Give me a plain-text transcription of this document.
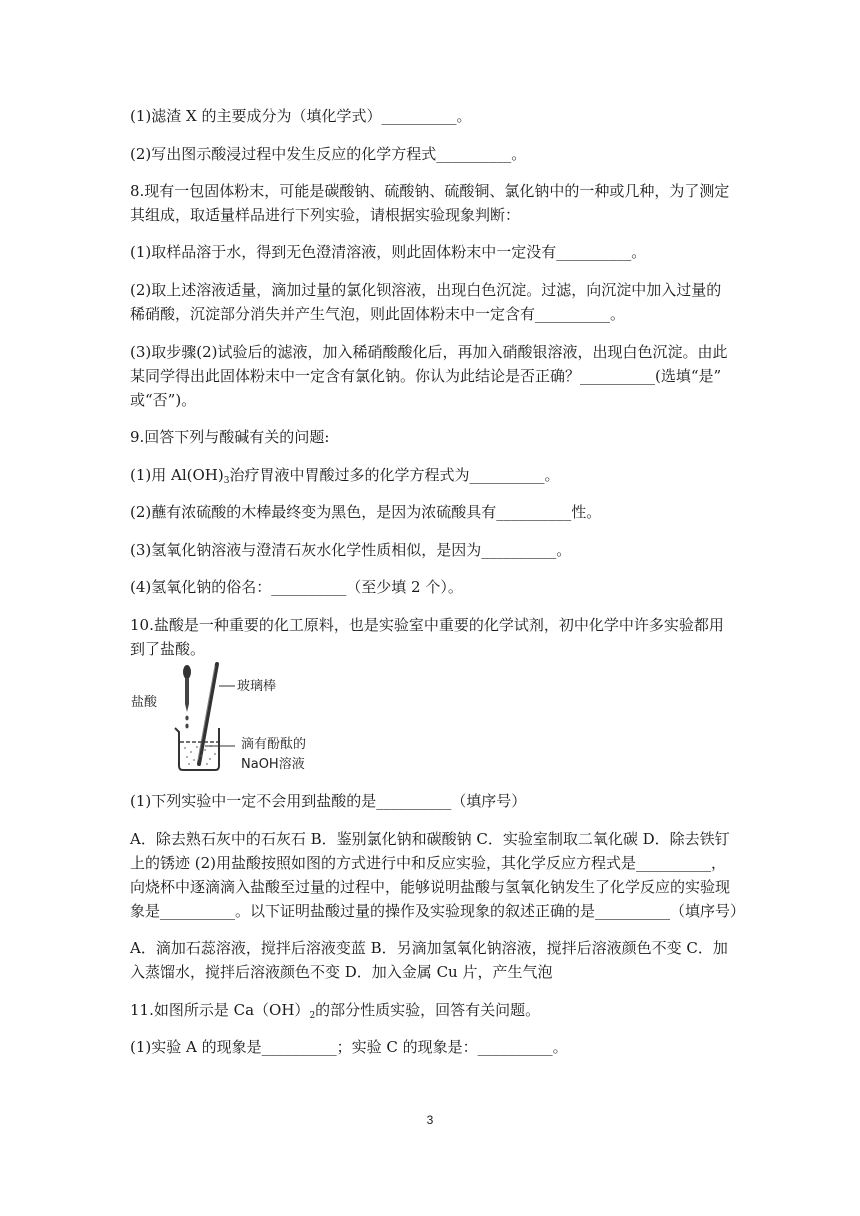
(1)滤渣 X 的主要成分为（填化学式）__________。

(2)写出图示酸浸过程中发生反应的化学方程式__________。

8.现有一包固体粉末，可能是碳酸钠、硫酸钠、硫酸铜、氯化钠中的一种或几种，为了测定

其组成，取适量样品进行下列实验，请根据实验现象判断：

(1)取样品溶于水，得到无色澄清溶液，则此固体粉末中一定没有__________。

(2)取上述溶液适量，滴加过量的氯化钡溶液，出现白色沉淀。过滤，向沉淀中加入过量的

稀硝酸，沉淀部分消失并产生气泡，则此固体粉末中一定含有__________。

(3)取步骤(2)试验后的滤液，加入稀硝酸酸化后，再加入硝酸银溶液，出现白色沉淀。由此

某同学得出此固体粉末中一定含有氯化钠。你认为此结论是否正确？__________(选填“是”

或“否”)。

9.回答下列与酸碱有关的问题:

(1)用 $Al(OH)_3$治疗胃液中胃酸过多的化学方程式为__________。

(2)蘸有浓硫酸的木棒最终变为黑色，是因为浓硫酸具有__________性。

(3)氢氧化钠溶液与澄清石灰水化学性质相似，是因为__________。

(4)氢氧化钠的俗名：__________（至少填 2 个）。

10.盐酸是一种重要的化工原料，也是实验室中重要的化学试剂，初中化学中许多实验都用

到了盐酸。

盐酸
玻璃棒
滴有酚酞的
NaOH溶液

(1)下列实验中一定不会用到盐酸的是__________（填序号）

A．除去熟石灰中的石灰石 B．鉴别氯化钠和碳酸钠 C．实验室制取二氧化碳 D．除去铁钉

上的锈迹 (2)用盐酸按照如图的方式进行中和反应实验，其化学反应方程式是__________，

向烧杯中逐滴滴入盐酸至过量的过程中，能够说明盐酸与氢氧化钠发生了化学反应的实验现

象是__________。以下证明盐酸过量的操作及实验现象的叙述正确的是__________（填序号）

A．滴加石蕊溶液，搅拌后溶液变蓝 B．另滴加氢氧化钠溶液，搅拌后溶液颜色不变 C．加

入蒸馏水，搅拌后溶液颜色不变 D．加入金属 Cu 片，产生气泡

11.如图所示是 $Ca(OH)_2$的部分性质实验，回答有关问题。

(1)实验 A 的现象是__________；实验 C 的现象是：__________。

3
